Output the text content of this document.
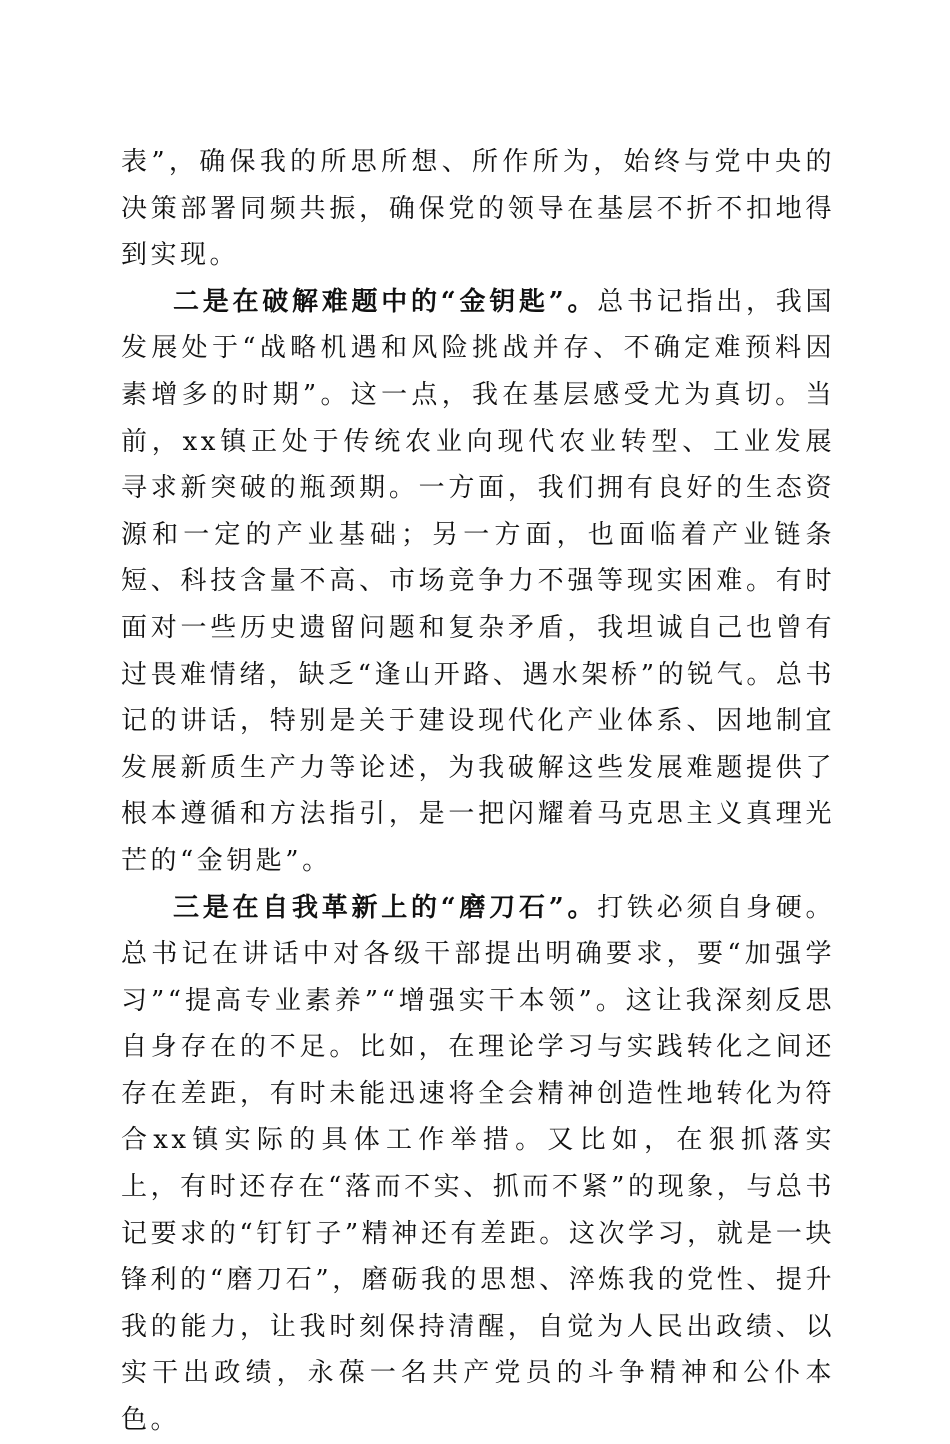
表”，确保我的所思所想、所作所为，始终与党中央的决策部署同频共振，确保党的领导在基层不折不扣地得到实现。

二是在破解难题中的“金钥匙”。总书记指出，我国发展处于“战略机遇和风险挑战并存、不确定难预料因素增多的时期”。这一点，我在基层感受尤为真切。当前，xx镇正处于传统农业向现代农业转型、工业发展寻求新突破的瓶颈期。一方面，我们拥有良好的生态资源和一定的产业基础；另一方面，也面临着产业链条短、科技含量不高、市场竞争力不强等现实困难。有时面对一些历史遗留问题和复杂矛盾，我坦诚自己也曾有过畏难情绪，缺乏“逢山开路、遇水架桥”的锐气。总书记的讲话，特别是关于建设现代化产业体系、因地制宜发展新质生产力等论述，为我破解这些发展难题提供了根本遵循和方法指引，是一把闪耀着马克思主义真理光芒的“金钥匙”。

三是在自我革新上的“磨刀石”。打铁必须自身硬。总书记在讲话中对各级干部提出明确要求，要“加强学习”“提高专业素养”“增强实干本领”。这让我深刻反思自身存在的不足。比如，在理论学习与实践转化之间还存在差距，有时未能迅速将全会精神创造性地转化为符合xx镇实际的具体工作举措。又比如，在狠抓落实上，有时还存在“落而不实、抓而不紧”的现象，与总书记要求的“钉钉子”精神还有差距。这次学习，就是一块锋利的“磨刀石”，磨砺我的思想、淬炼我的党性、提升我的能力，让我时刻保持清醒，自觉为人民出政绩、以实干出政绩，永葆一名共产党员的斗争精神和公仆本色。
